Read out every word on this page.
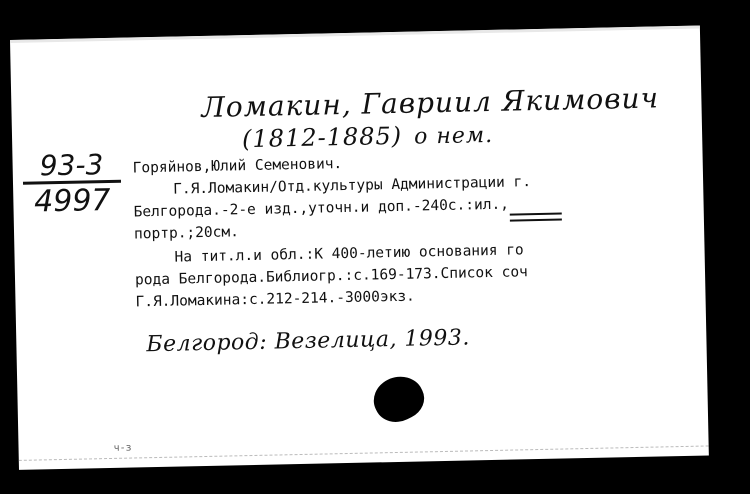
Ломакин, Гавриил Якимович
(1812-1885) о нем.
93-3
4997
Горяйнов,Юлий Семенович.
Г.Я.Ломакин/Отд.культуры Администрации г.
Белгорода.-2-е изд.,уточн.и доп.-240с.:ил.,
портр.;20см.
На тит.л.и обл.:К 400-летию основания го
рода Белгорода.Библиогр.:с.169-173.Список соч
Г.Я.Ломакина:с.212-214.-3000экз.
Белгород: Везелица, 1993.
ч-з
